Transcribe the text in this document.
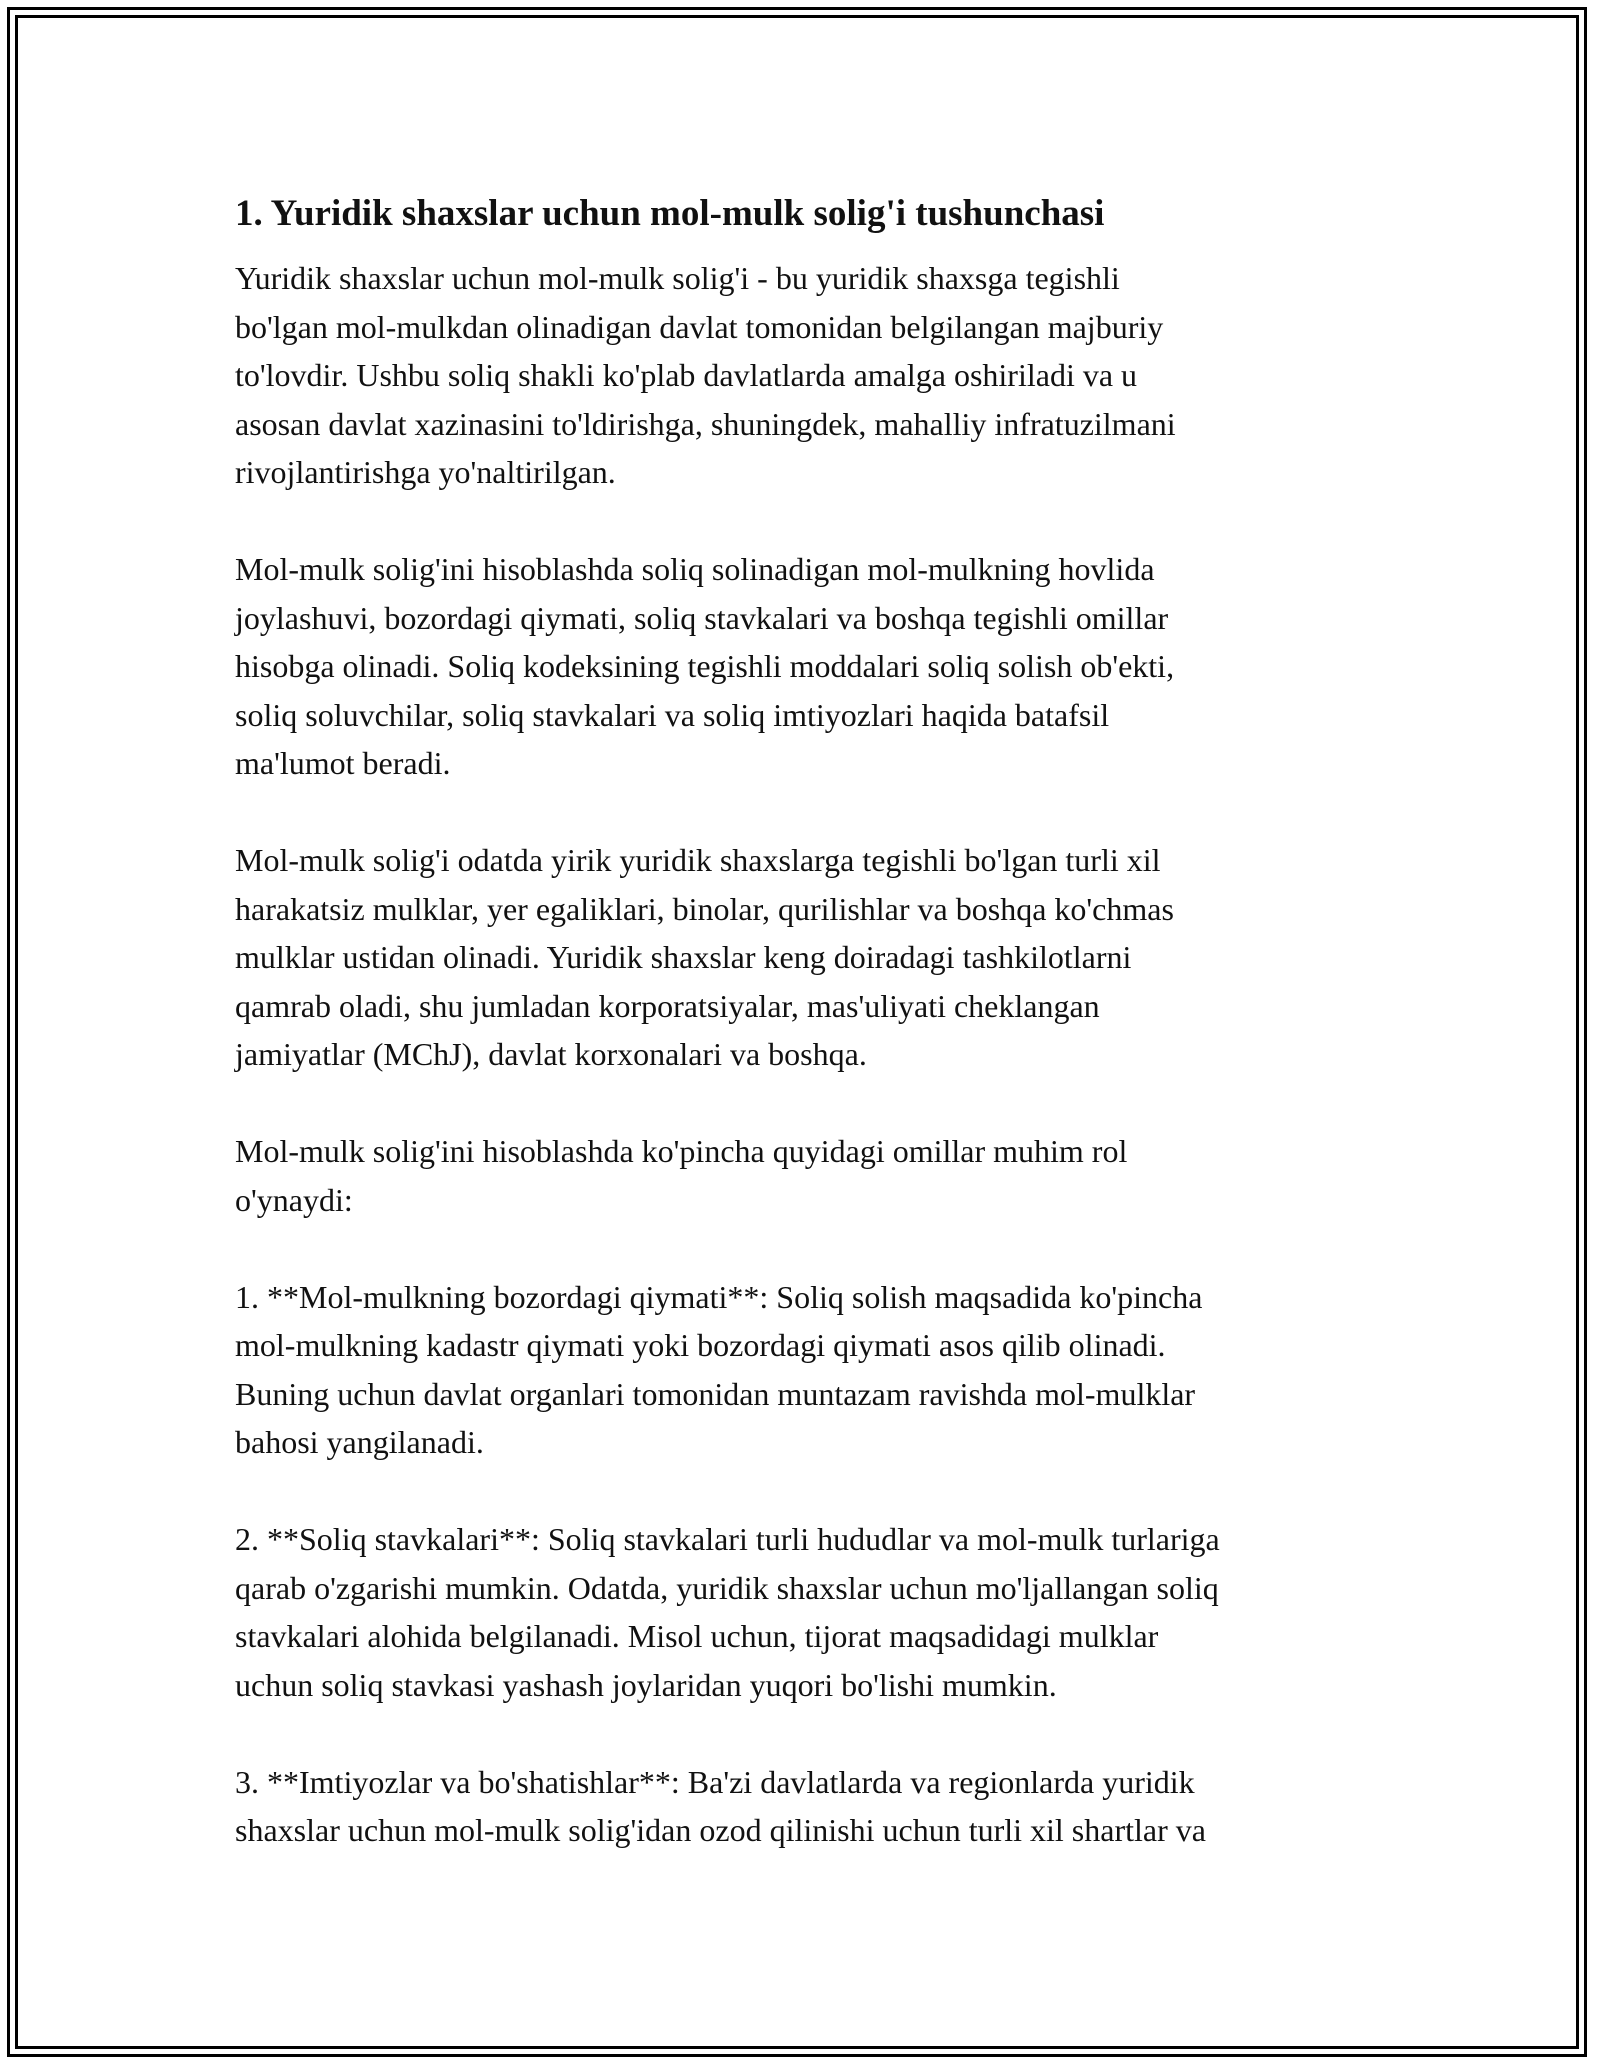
1. Yuridik shaxslar uchun mol-mulk solig'i tushunchasi

Yuridik shaxslar uchun mol-mulk solig'i - bu yuridik shaxsga tegishli
bo'lgan mol-mulkdan olinadigan davlat tomonidan belgilangan majburiy
to'lovdir. Ushbu soliq shakli ko'plab davlatlarda amalga oshiriladi va u
asosan davlat xazinasini to'ldirishga, shuningdek, mahalliy infratuzilmani
rivojlantirishga yo'naltirilgan.

Mol-mulk solig'ini hisoblashda soliq solinadigan mol-mulkning hovlida
joylashuvi, bozordagi qiymati, soliq stavkalari va boshqa tegishli omillar
hisobga olinadi. Soliq kodeksining tegishli moddalari soliq solish ob'ekti,
soliq soluvchilar, soliq stavkalari va soliq imtiyozlari haqida batafsil
ma'lumot beradi.

Mol-mulk solig'i odatda yirik yuridik shaxslarga tegishli bo'lgan turli xil
harakatsiz mulklar, yer egaliklari, binolar, qurilishlar va boshqa ko'chmas
mulklar ustidan olinadi. Yuridik shaxslar keng doiradagi tashkilotlarni
qamrab oladi, shu jumladan korporatsiyalar, mas'uliyati cheklangan
jamiyatlar (MChJ), davlat korxonalari va boshqa.

Mol-mulk solig'ini hisoblashda ko'pincha quyidagi omillar muhim rol
o'ynaydi:

1. **Mol-mulkning bozordagi qiymati**: Soliq solish maqsadida ko'pincha
mol-mulkning kadastr qiymati yoki bozordagi qiymati asos qilib olinadi.
Buning uchun davlat organlari tomonidan muntazam ravishda mol-mulklar
bahosi yangilanadi.

2. **Soliq stavkalari**: Soliq stavkalari turli hududlar va mol-mulk turlariga
qarab o'zgarishi mumkin. Odatda, yuridik shaxslar uchun mo'ljallangan soliq
stavkalari alohida belgilanadi. Misol uchun, tijorat maqsadidagi mulklar
uchun soliq stavkasi yashash joylaridan yuqori bo'lishi mumkin.

3. **Imtiyozlar va bo'shatishlar**: Ba'zi davlatlarda va regionlarda yuridik
shaxslar uchun mol-mulk solig'idan ozod qilinishi uchun turli xil shartlar va
